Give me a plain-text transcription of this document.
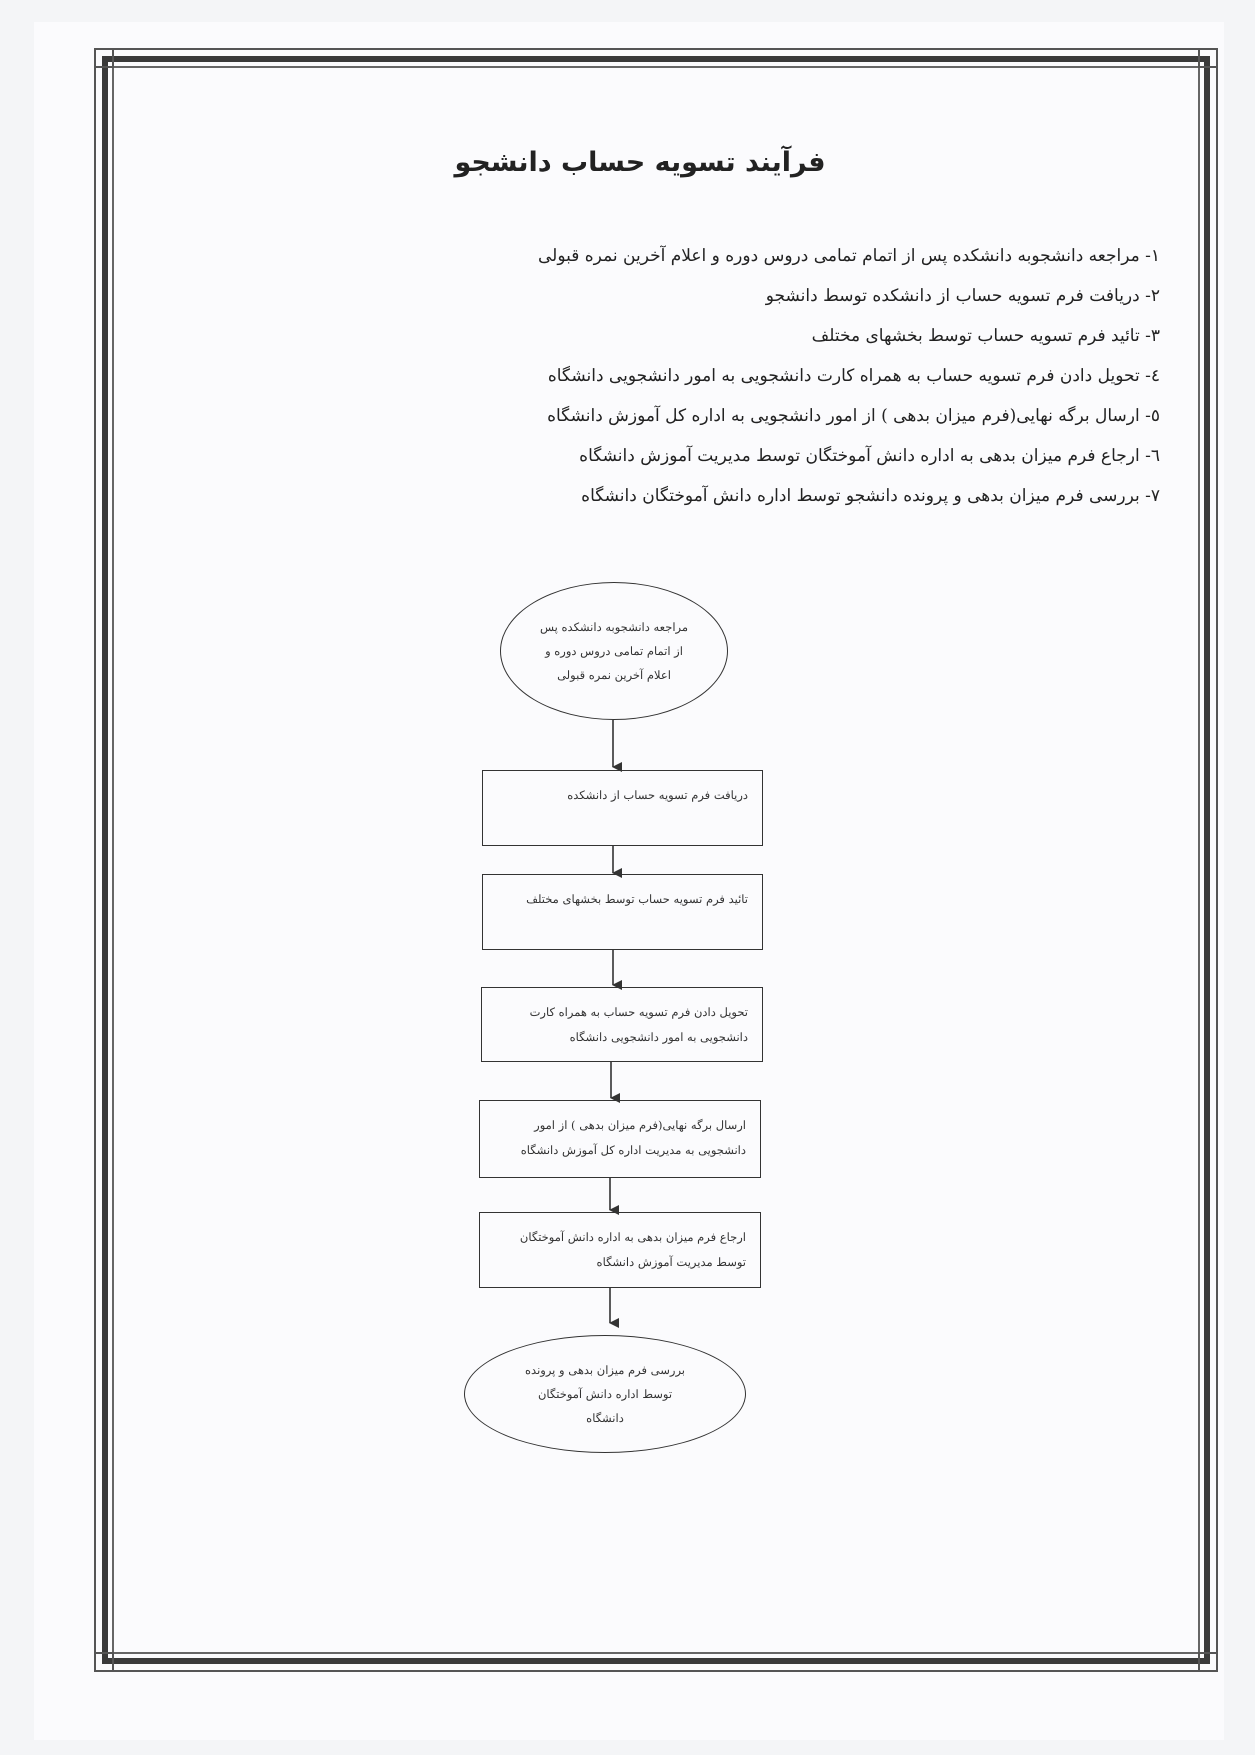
فرآیند تسویه حساب دانشجو
١- مراجعه دانشجوبه دانشکده پس از اتمام تمامی دروس دوره و اعلام آخرین نمره قبولی
٢- دریافت فرم تسویه حساب از دانشکده توسط دانشجو
٣- تائید فرم تسویه حساب توسط بخشهای مختلف
٤- تحویل دادن فرم تسویه حساب به همراه کارت دانشجویی به امور دانشجویی دانشگاه
٥- ارسال برگه نهایی(فرم میزان بدهی ) از امور دانشجویی به اداره کل آموزش دانشگاه
٦- ارجاع فرم میزان بدهی به اداره دانش آموختگان توسط مدیریت آموزش دانشگاه
٧- بررسی فرم میزان بدهی و پرونده دانشجو توسط اداره دانش آموختگان دانشگاه
مراجعه دانشجوبه دانشکده پس
از اتمام تمامی دروس دوره و
اعلام آخرین نمره قبولی
دریافت فرم تسویه حساب از دانشکده
تائید فرم تسویه حساب توسط بخشهای مختلف
تحویل دادن فرم تسویه حساب به همراه کارت
دانشجویی به امور دانشجویی دانشگاه
ارسال برگه نهایی(فرم میزان بدهی ) از امور
دانشجویی به مدیریت اداره کل آموزش دانشگاه
ارجاع فرم میزان بدهی به اداره دانش آموختگان
توسط مدیریت آموزش دانشگاه
بررسی فرم میزان بدهی و پرونده
توسط اداره دانش آموختگان
دانشگاه
